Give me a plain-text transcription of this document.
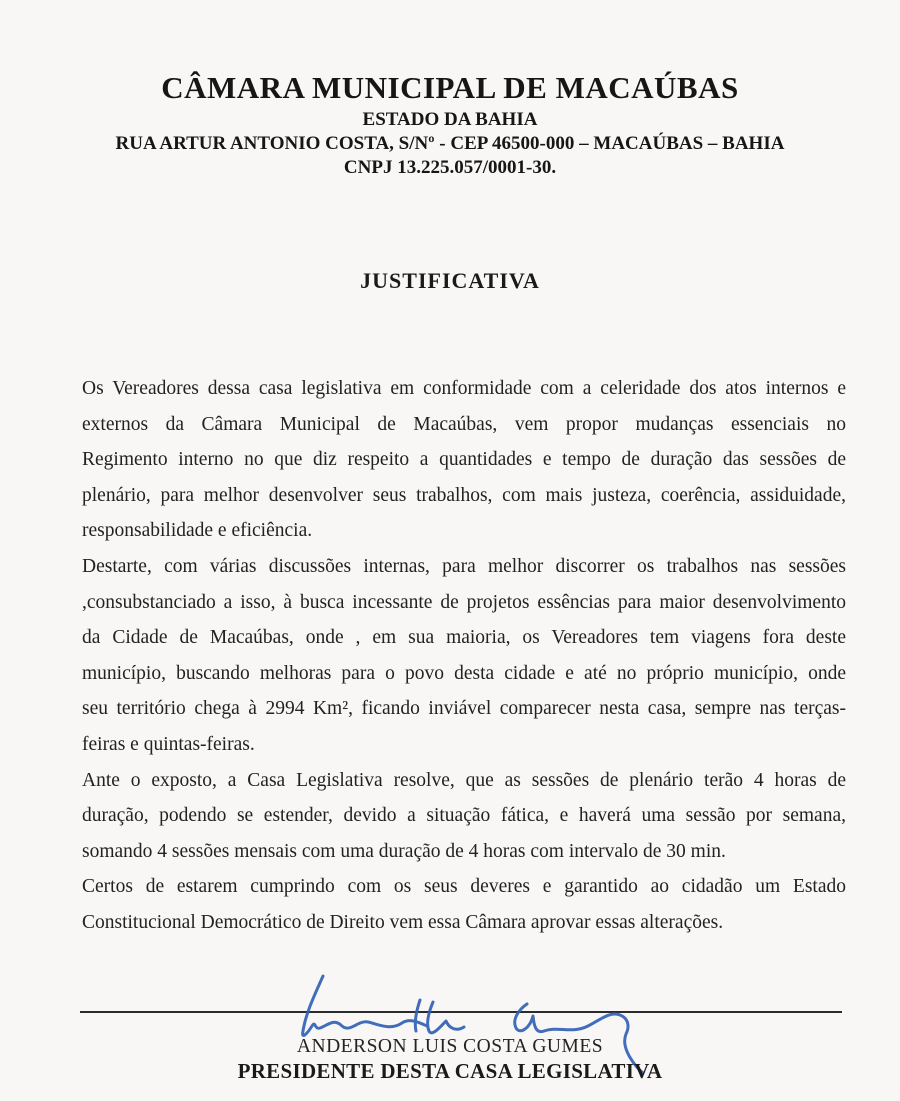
CÂMARA MUNICIPAL DE MACAÚBAS
ESTADO DA BAHIA
RUA ARTUR ANTONIO COSTA, S/Nº - CEP 46500-000 – MACAÚBAS – BAHIA
CNPJ 13.225.057/0001-30.
JUSTIFICATIVA
Os Vereadores dessa casa legislativa em conformidade com a celeridade dos atos internos e
externos da Câmara Municipal de Macaúbas, vem propor mudanças essenciais no
Regimento interno no que diz respeito a quantidades e tempo de duração das sessões de
plenário, para melhor desenvolver seus trabalhos, com mais justeza, coerência, assiduidade,
responsabilidade e eficiência.
Destarte, com várias discussões internas, para melhor discorrer os trabalhos nas sessões
,consubstanciado a isso, à busca incessante de projetos essências para maior desenvolvimento
da Cidade de Macaúbas, onde , em sua maioria, os Vereadores tem viagens fora deste
município, buscando melhoras para o povo desta cidade e até no próprio município, onde
seu território chega à 2994 Km², ficando inviável comparecer nesta casa, sempre nas terças-
feiras e quintas-feiras.
Ante o exposto, a Casa Legislativa resolve, que as sessões de plenário terão 4 horas de
duração, podendo se estender, devido a situação fática, e haverá uma sessão por semana,
somando 4 sessões mensais com uma duração de 4 horas com intervalo de 30 min.
Certos de estarem cumprindo com os seus deveres e garantido ao cidadão um Estado
Constitucional Democrático de Direito vem essa Câmara aprovar essas alterações.
ANDERSON LUIS COSTA GUMES
PRESIDENTE DESTA CASA LEGISLATIVA
